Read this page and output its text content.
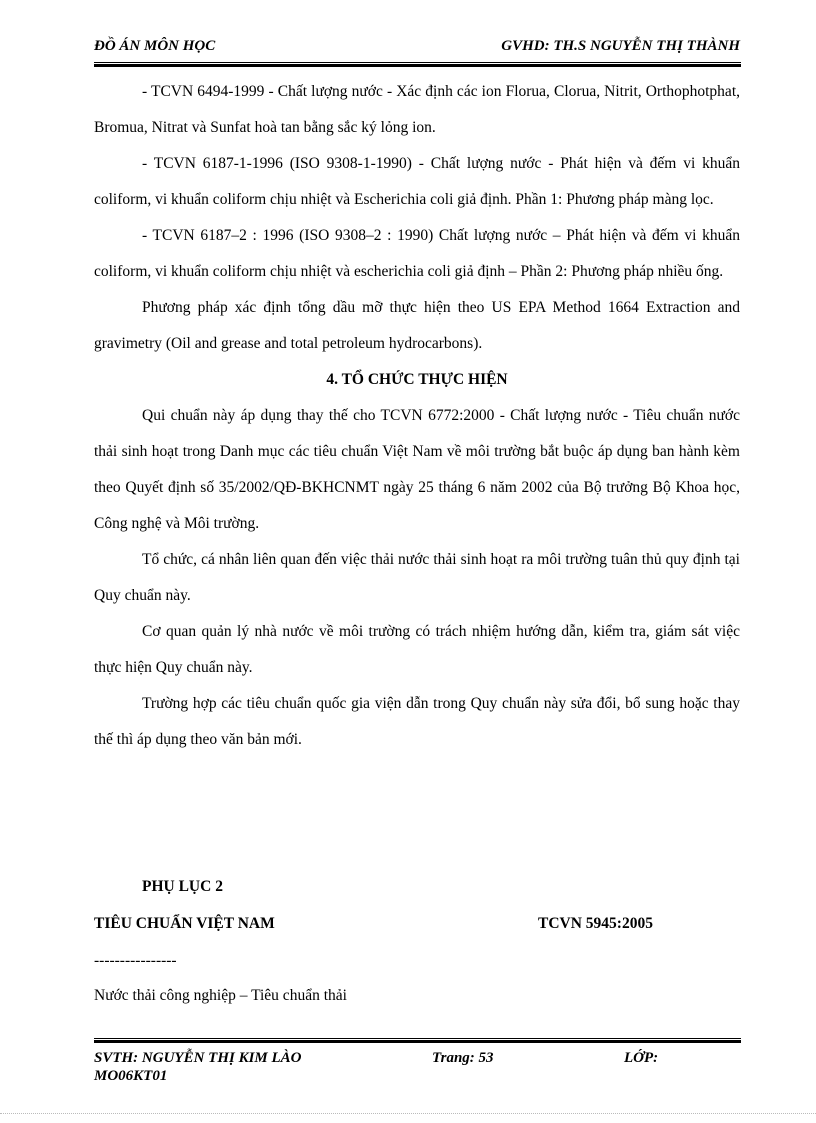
ĐỒ ÁN MÔN HỌC	GVHD: TH.S NGUYỄN THỊ THÀNH

- TCVN 6494-1999 - Chất lượng nước - Xác định các ion Florua, Clorua, Nitrit, Orthophotphat, Bromua, Nitrat và Sunfat hoà tan bằng sắc ký lỏng ion.

- TCVN 6187-1-1996 (ISO 9308-1-1990) - Chất lượng nước - Phát hiện và đếm vi khuẩn coliform, vi khuẩn coliform chịu nhiệt và Escherichia coli giả định. Phần 1: Phương pháp màng lọc.

- TCVN 6187–2 : 1996 (ISO 9308–2 : 1990) Chất lượng nước – Phát hiện và đếm vi khuẩn coliform, vi khuẩn coliform chịu nhiệt và escherichia coli giả định – Phần 2: Phương pháp nhiều ống.

Phương pháp xác định tổng dầu mỡ thực hiện theo US EPA Method 1664 Extraction and gravimetry (Oil and grease and total petroleum hydrocarbons).

4. TỔ CHỨC THỰC HIỆN

Qui chuẩn này áp dụng thay thế cho TCVN 6772:2000 - Chất lượng nước - Tiêu chuẩn nước thải sinh hoạt trong Danh mục các tiêu chuẩn Việt Nam về môi trường bắt buộc áp dụng ban hành kèm theo Quyết định số 35/2002/QĐ-BKHCNMT ngày 25 tháng 6 năm 2002 của Bộ trưởng Bộ Khoa học, Công nghệ và Môi trường.

Tổ chức, cá nhân liên quan đến việc thải nước thải sinh hoạt ra môi trường tuân thủ quy định tại Quy chuẩn này.

Cơ quan quản lý nhà nước về môi trường có trách nhiệm hướng dẫn, kiểm tra, giám sát việc thực hiện Quy chuẩn này.

Trường hợp các tiêu chuẩn quốc gia viện dẫn trong Quy chuẩn này sửa đổi, bổ sung hoặc thay thế thì áp dụng theo văn bản mới.

PHỤ LỤC 2
TIÊU CHUẨN VIỆT NAM	TCVN 5945:2005
----------------
Nước thải công nghiệp – Tiêu chuẩn thải
SVTH: NGUYỄN THỊ KIM LÀO	Trang: 53	LỚP:
MO06KT01
